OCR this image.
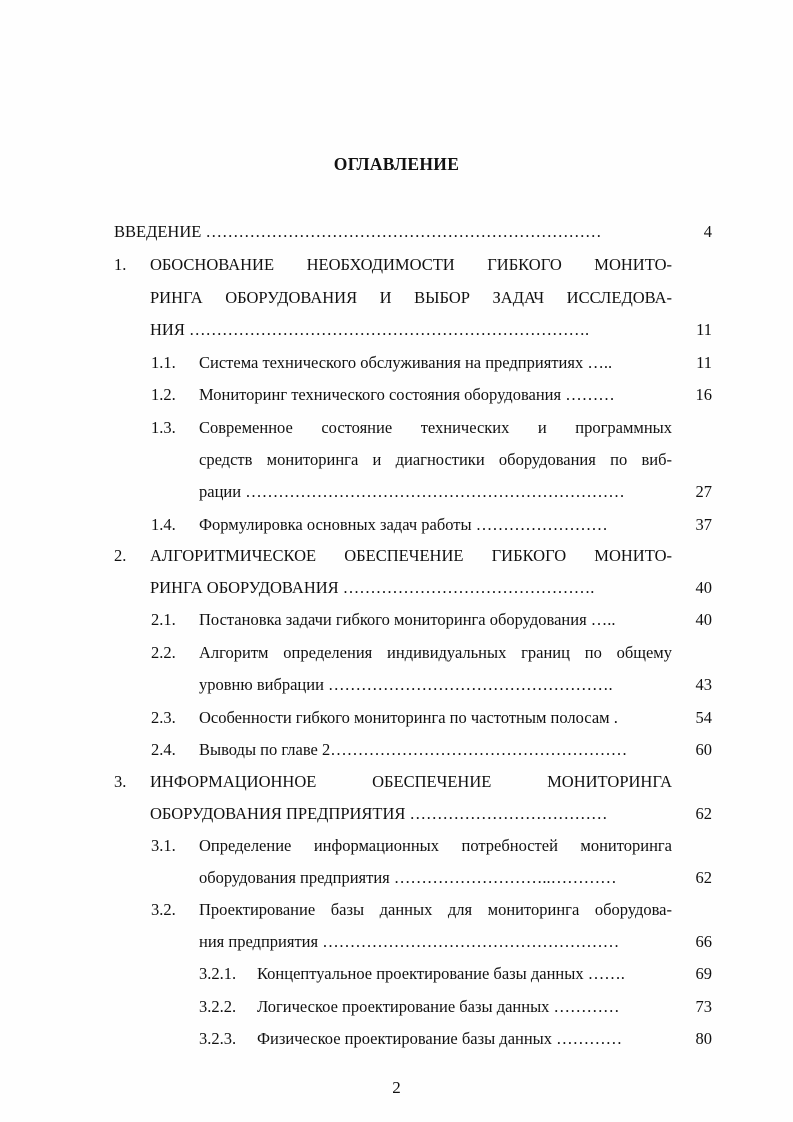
ОГЛАВЛЕНИЕ
ВВЕДЕНИЕ ………………………………………………………………	4
1. ОБОСНОВАНИЕ НЕОБХОДИМОСТИ ГИБКОГО МОНИТО-
РИНГА ОБОРУДОВАНИЯ И ВЫБОР ЗАДАЧ ИССЛЕДОВА-
НИЯ ……………………………………………………………….	11
1.1. Система технического обслуживания на предприятиях …..	11
1.2. Мониторинг технического состояния оборудования ………	16
1.3. Современное состояние технических и программных
средств мониторинга и диагностики оборудования по виб-
рации ……………………………………………………………	27
1.4. Формулировка основных задач работы ……………………	37
2. АЛГОРИТМИЧЕСКОЕ ОБЕСПЕЧЕНИЕ ГИБКОГО МОНИТО-
РИНГА ОБОРУДОВАНИЯ ……………………………………….	40
2.1. Постановка задачи гибкого мониторинга оборудования …..	40
2.2. Алгоритм определения индивидуальных границ по общему
уровню вибрации …………………………………………….	43
2.3. Особенности гибкого мониторинга по частотным полосам .	54
2.4. Выводы по главе 2………………………………………………	60
3. ИНФОРМАЦИОННОЕ ОБЕСПЕЧЕНИЕ МОНИТОРИНГА
ОБОРУДОВАНИЯ ПРЕДПРИЯТИЯ ………………………………	62
3.1. Определение информационных потребностей мониторинга
оборудования предприятия ………………………..…………	62
3.2. Проектирование базы данных для мониторинга оборудова-
ния предприятия ………………………………………………	66
3.2.1. Концептуальное проектирование базы данных …….	69
3.2.2. Логическое проектирование базы данных …………	73
3.2.3. Физическое проектирование базы данных …………	80
2
